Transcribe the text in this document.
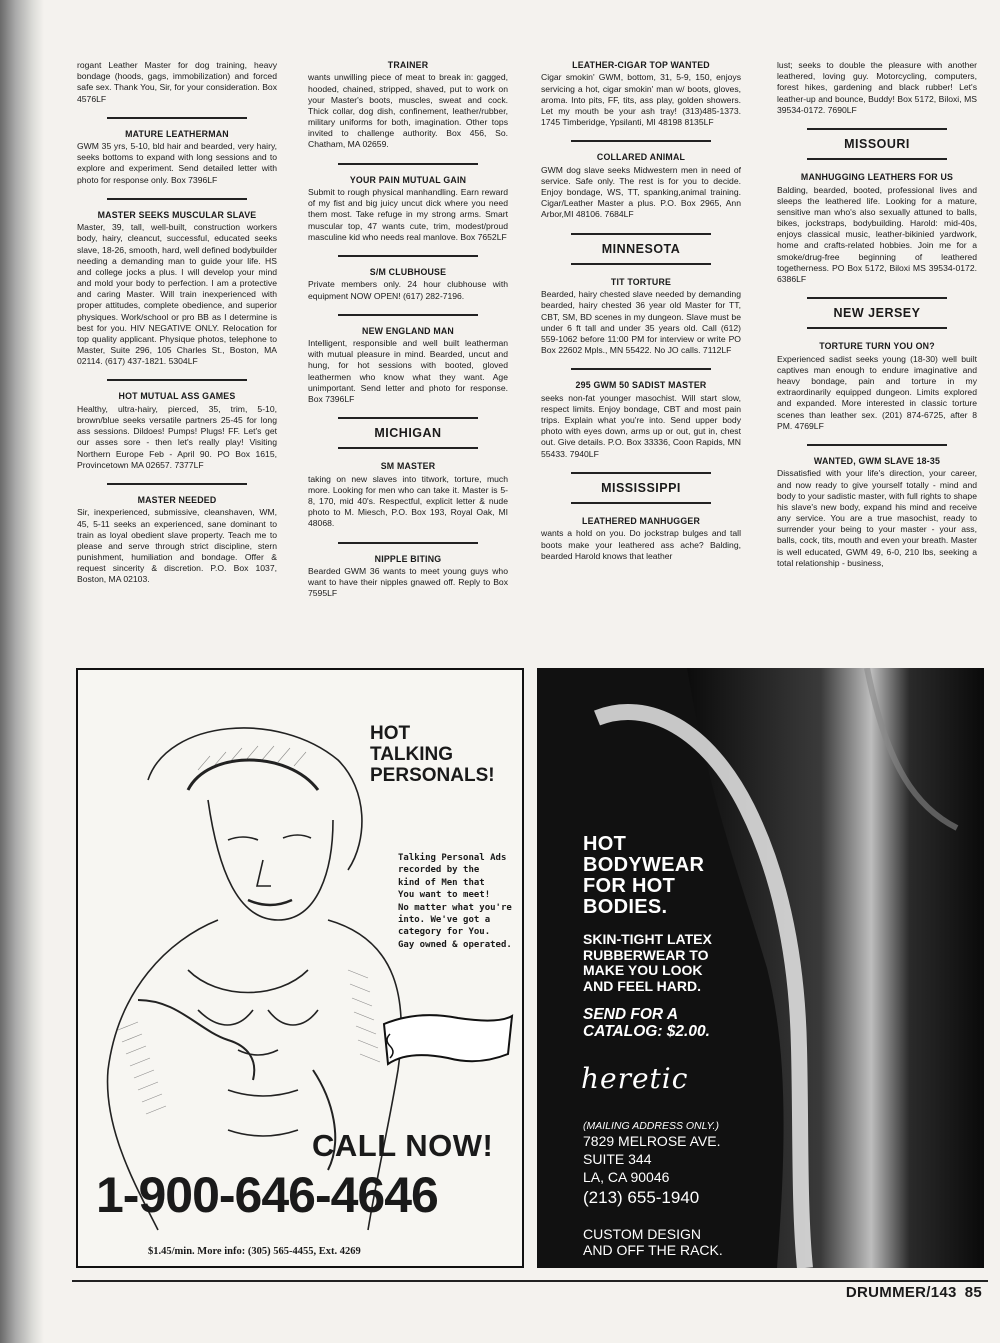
rogant Leather Master for dog training, heavy bondage (hoods, gags, immobilization) and forced safe sex. Thank You, Sir, for your consideration. Box 4576LF
MATURE LEATHERMAN
GWM 35 yrs, 5-10, bld hair and bearded, very hairy, seeks bottoms to expand with long sessions and to explore and experiment. Send detailed letter with photo for response only. Box 7396LF
MASTER SEEKS MUSCULAR SLAVE
Master, 39, tall, well-built, construction workers body, hairy, cleancut, successful, educated seeks slave, 18-26, smooth, hard, well defined bodybuilder needing a demanding man to guide your life. HS and college jocks a plus. I will develop your mind and mold your body to perfection. I am a protective and caring Master. Will train inexperienced with proper attitudes, complete obedience, and superior physiques. Work/school or pro BB as I determine is best for you. HIV NEGATIVE ONLY. Relocation for top quality applicant. Physique photos, telephone to Master, Suite 296, 105 Charles St., Boston, MA 02114. (617) 437-1821. 5304LF
HOT MUTUAL ASS GAMES
Healthy, ultra-hairy, pierced, 35, trim, 5-10, brown/blue seeks versatile partners 25-45 for long ass sessions. Dildoes! Pumps! Plugs! FF. Let's get our asses sore - then let's really play! Visiting Northern Europe Feb - April 90. PO Box 1615, Provincetown MA 02657. 7377LF
MASTER NEEDED
Sir, inexperienced, submissive, cleanshaven, WM, 45, 5-11 seeks an experienced, sane dominant to train as loyal obedient slave property. Teach me to please and serve through strict discipline, stern punishment, humiliation and bondage. Offer & request sincerity & discretion. P.O. Box 1037, Boston, MA 02103.
TRAINER
wants unwilling piece of meat to break in: gagged, hooded, chained, stripped, shaved, put to work on your Master's boots, muscles, sweat and cock. Thick collar, dog dish, confinement, leather/rubber, military uniforms for both, imagination. Other tops invited to challenge authority. Box 456, So. Chatham, MA 02659.
YOUR PAIN MUTUAL GAIN
Submit to rough physical manhandling. Earn reward of my fist and big juicy uncut dick where you need them most. Take refuge in my strong arms. Smart muscular top, 47 wants cute, trim, modest/proud masculine kid who needs real manlove. Box 7652LF
S/M CLUBHOUSE
Private members only. 24 hour clubhouse with equipment NOW OPEN! (617) 282-7196.
NEW ENGLAND MAN
Intelligent, responsible and well built leatherman with mutual pleasure in mind. Bearded, uncut and hung, for hot sessions with booted, gloved leathermen who know what they want. Age unimportant. Send letter and photo for response. Box 7396LF
MICHIGAN
SM MASTER
taking on new slaves into titwork, torture, much more. Looking for men who can take it. Master is 5-8, 170, mid 40's. Respectful, explicit letter & nude photo to M. Miesch, P.O. Box 193, Royal Oak, MI 48068.
NIPPLE BITING
Bearded GWM 36 wants to meet young guys who want to have their nipples gnawed off. Reply to Box 7595LF
LEATHER-CIGAR TOP WANTED
Cigar smokin' GWM, bottom, 31, 5-9, 150, enjoys servicing a hot, cigar smokin' man w/ boots, gloves, aroma. Into pits, FF, tits, ass play, golden showers. Let my mouth be your ash tray! (313)485-1373. 1745 Timberidge, Ypsilanti, MI 48198 8135LF
COLLARED ANIMAL
GWM dog slave seeks Midwestern men in need of service. Safe only. The rest is for you to decide. Enjoy bondage, WS, TT, spanking,animal training. Cigar/Leather Master a plus. P.O. Box 2965, Ann Arbor,MI 48106. 7684LF
MINNESOTA
TIT TORTURE
Bearded, hairy chested slave needed by demanding bearded, hairy chested 36 year old Master for TT, CBT, SM, BD scenes in my dungeon. Slave must be under 6 ft tall and under 35 years old. Call (612) 559-1062 before 11:00 PM for interview or write PO Box 22602 Mpls., MN 55422. No JO calls. 7112LF
295 GWM 50 SADIST MASTER
seeks non-fat younger masochist. Will start slow, respect limits. Enjoy bondage, CBT and most pain trips. Explain what you're into. Send upper body photo with eyes down, arms up or out, gut in, chest out. Give details. P.O. Box 33336, Coon Rapids, MN 55433. 7940LF
MISSISSIPPI
LEATHERED MANHUGGER
wants a hold on you. Do jockstrap bulges and tall boots make your leathered ass ache? Balding, bearded Harold knows that leather
lust; seeks to double the pleasure with another leathered, loving guy. Motorcycling, computers, forest hikes, gardening and black rubber! Let's leather-up and bounce, Buddy! Box 5172, Biloxi, MS 39534-0172. 7690LF
MISSOURI
MANHUGGING LEATHERS FOR US
Balding, bearded, booted, professional lives and sleeps the leathered life. Looking for a mature, sensitive man who's also sexually attuned to balls, bikes, jockstraps, bodybuilding. Harold: mid-40s, enjoys classical music, leather-bikinied yardwork, home and crafts-related hobbies. Join me for a smoke/drug-free beginning of leathered togetherness. PO Box 5172, Biloxi MS 39534-0172. 6386LF
NEW JERSEY
TORTURE TURN YOU ON?
Experienced sadist seeks young (18-30) well built captives man enough to endure imaginative and heavy bondage, pain and torture in my extraordinarily equipped dungeon. Limits explored and expanded. More interested in classic torture scenes than leather sex. (201) 874-6725, after 8 PM. 4769LF
WANTED, GWM SLAVE 18-35
Dissatisfied with your life's direction, your career, and now ready to give yourself totally - mind and body to your sadistic master, with full rights to shape his slave's new body, expand his mind and receive any service. You are a true masochist, ready to surrender your being to your master - your ass, balls, cock, tits, mouth and even your breath. Master is well educated, GWM 49, 6-0, 210 lbs, seeking a total relationship - business,
HOT
TALKING
PERSONALS!
Talking Personal Ads
recorded by the
kind of Men that
You want to meet!
No matter what you're
into. We've got a
category for You.
Gay owned & operated.
CALL NOW!
1-900-646-4646
$1.45/min. More info: (305) 565-4455, Ext. 4269
HOT
BODYWEAR
FOR HOT
BODIES.
SKIN-TIGHT LATEX
RUBBERWEAR TO
MAKE YOU LOOK
AND FEEL HARD.
SEND FOR A
CATALOG: $2.00.
heretic
(MAILING ADDRESS ONLY.)
7829 MELROSE AVE.
SUITE 344
LA, CA 90046
(213) 655-1940
CUSTOM DESIGN
AND OFF THE RACK.
DRUMMER/143 85
